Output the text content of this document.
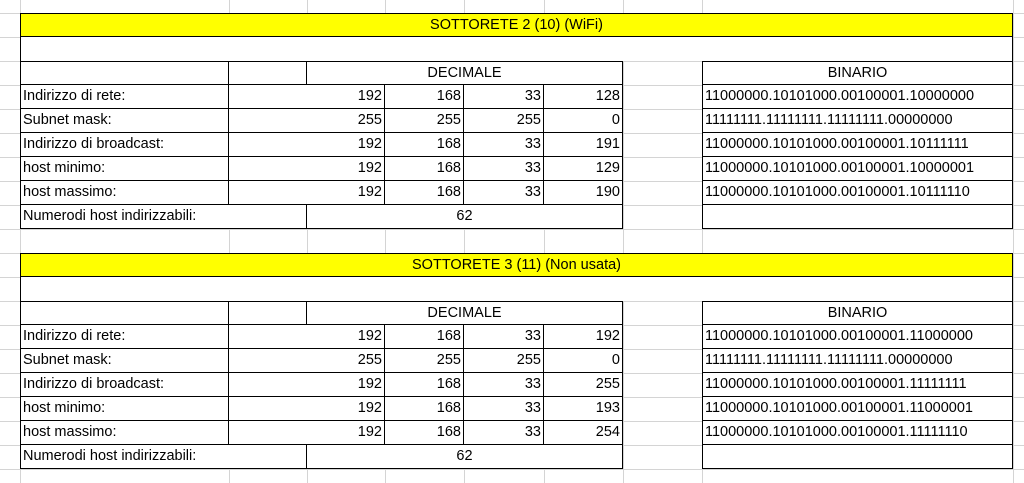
SOTTORETE 2 (10) (WiFi)
DECIMALE	BINARIO
Indirizzo di rete:	192	168	33	128	11000000.10101000.00100001.10000000
Subnet mask:	255	255	255	0	11111111.11111111.11111111.00000000
Indirizzo di broadcast:	192	168	33	191	11000000.10101000.00100001.10111111
host minimo:	192	168	33	129	11000000.10101000.00100001.10000001
host massimo:	192	168	33	190	11000000.10101000.00100001.10111110
Numerodi host indirizzabili:	62
SOTTORETE 3 (11) (Non usata)
DECIMALE	BINARIO
Indirizzo di rete:	192	168	33	192	11000000.10101000.00100001.11000000
Subnet mask:	255	255	255	0	11111111.11111111.11111111.00000000
Indirizzo di broadcast:	192	168	33	255	11000000.10101000.00100001.11111111
host minimo:	192	168	33	193	11000000.10101000.00100001.11000001
host massimo:	192	168	33	254	11000000.10101000.00100001.11111110
Numerodi host indirizzabili:	62
